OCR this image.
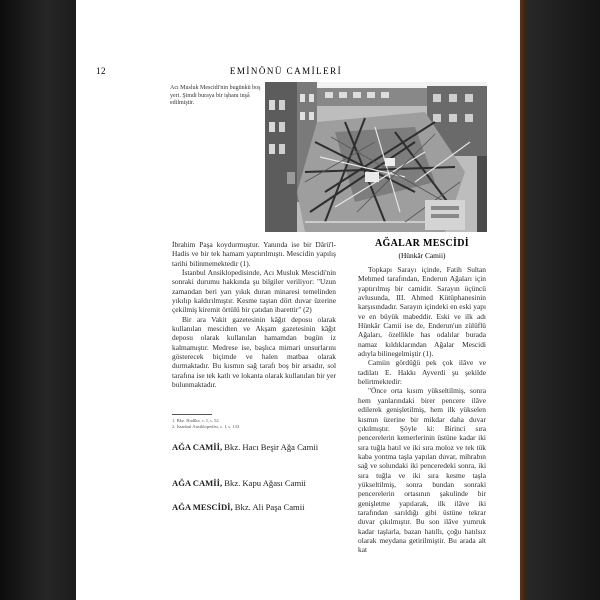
12	EMİNÖNÜ CAMİLERİ
Acı Musluk Mescidi'nin bugünkü boş yeri. Şimdi buraya bir işhanı inşâ edilmiştir.

İbrahim Paşa koydurmuştur. Yanında ise bir Dârü'l-Hadis ve bir tek hamam yaptırılmıştı. Mescidin yapılış tarihi bilinmemektedir (1).

İstanbul Ansiklopedisinde, Acı Musluk Mescidi'nin sonraki durumu hakkında şu bilgiler veriliyor: "Uzun zamandan beri yarı yıkık duran minaresi temelinden yıkılıp kaldırılmıştır. Kesme taştan dört duvar üzerine çekilmiş kiremit örtülü bir çatıdan ibarettir" (2)

Bir ara Vakit gazetesinin kâğıt deposu olarak kullanılan mescidten ve Akşam gazetesinin kâğıt deposu olarak kullanılan hamamdan bugün iz kalmamıştır. Medrese ise, başlıca mimari unsurlarını gösterecek biçimde ve halen matbaa olarak durmaktadır. Bu kısmın sağ tarafı boş bir arsadır, sol tarafına ise tek katlı ve lokanta olarak kullanılan bir yer bulunmaktadır.

1. Bkz. Hadîka, c. I, s. 52
2. İstanbul Ansiklopedisi, c. I, s. 133
AĞA CAMİİ, Bkz. Hacı Beşir Ağa Camii
AĞA CAMİİ, Bkz. Kapu Ağası Camii
AĞA MESCİDİ, Bkz. Ali Paşa Camii
AĞALAR MESCİDİ
(Hünkâr Camii)

Topkapı Sarayı içinde, Fatih Sultan Mehmed tarafından, Enderun Ağaları için yaptırılmış bir camidir. Sarayın üçüncü avlusunda, III. Ahmed Kütüphanesinin karşısındadır. Sarayın içindeki en eski yapı ve en büyük mabeddir. Eski ve ilk adı Hünkâr Camii ise de, Enderun'un zülüflü Ağaları, özellikle has odalılar burada namaz kıldıklarından Ağalar Mescidi adıyla bilinegelmiştir (1).

Camiin gördüğü pek çok ilâve ve tadilatı E. Hakkı Ayverdi şu şekilde belirtmektedir:

"Önce orta kısım yükseltilmiş, sonra hem yanlarındaki birer pencere ilâve edilerek genişletilmiş, hem ilk yükselen kısmın üzerine bir mikdar daha duvar çıkılmıştır. Şöyle ki: Birinci sıra pencerelerin kemerlerinin üstüne kadar iki sıra tuğla hatıl ve iki sıra moloz ve tek tük kaba yontma taşla yapılan duvar, mihrabın sağ ve solundaki iki penceredeki sonra, iki sıra tuğla ve iki sıra kesme taşla yükseltilmiş, sonra bundan sonraki pencerelerin ortasının şakulinde bir genişletme yapılarak, ilk ilâve iki tarafından sarıldığı gibi üstüne tekrar duvar çıkılmıştır. Bu son ilâve yumruk kadar taşlarla, bazan hatıllı, çoğu hatılsız olarak meydana getirilmiştir. Bu arada alt kat
